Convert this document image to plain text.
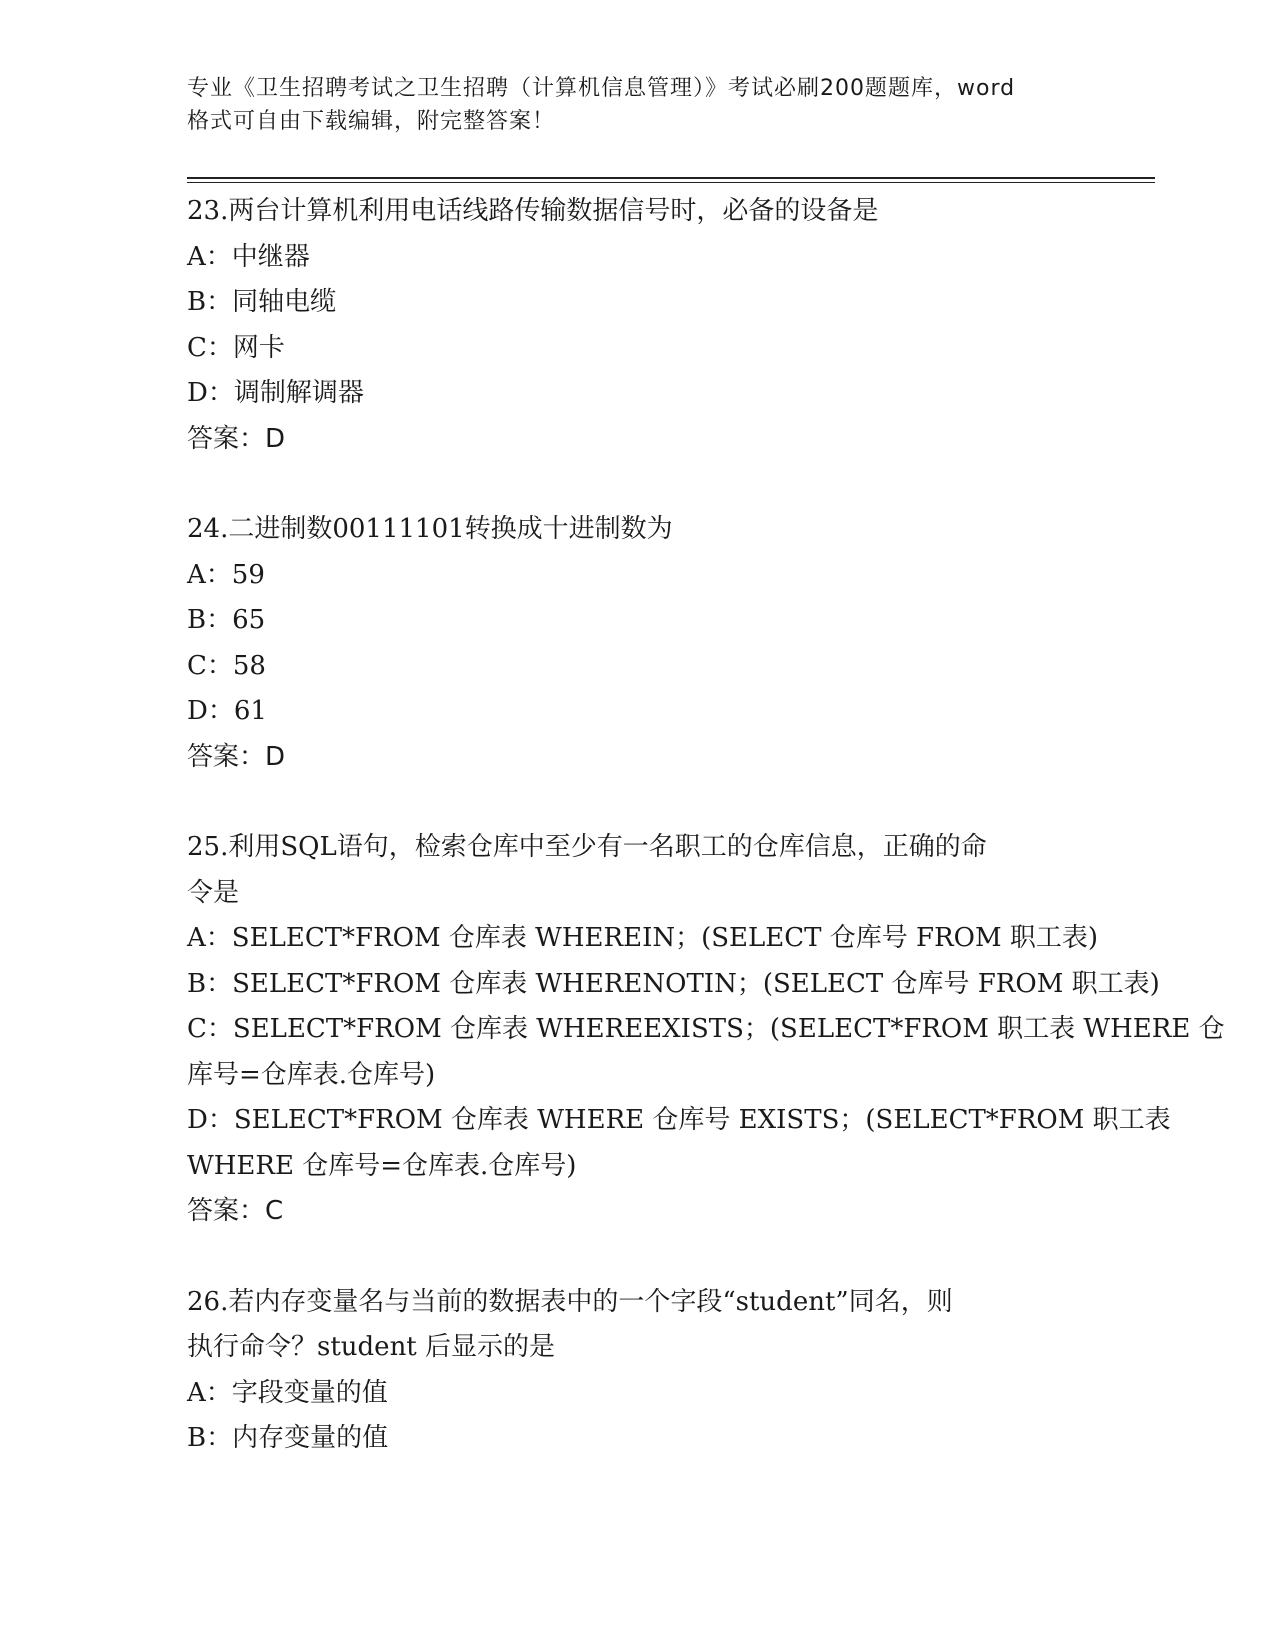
专业《卫生招聘考试之卫生招聘（计算机信息管理）》考试必刷200题题库，word
格式可自由下载编辑，附完整答案！

23.两台计算机利用电话线路传输数据信号时，必备的设备是

A：中继器

B：同轴电缆

C：网卡

D：调制解调器

答案：D

24.二进制数00111101转换成十进制数为

A：59

B：65

C：58

D：61

答案：D

25.利用SQL语句，检索仓库中至少有一名职工的仓库信息，正确的命

令是

A：SELECT*FROM 仓库表 WHEREIN；(SELECT 仓库号 FROM 职工表)

B：SELECT*FROM 仓库表 WHERENOTIN；(SELECT 仓库号 FROM 职工表)

C：SELECT*FROM 仓库表 WHEREEXISTS；(SELECT*FROM 职工表 WHERE 仓

库号=仓库表.仓库号)

D：SELECT*FROM 仓库表 WHERE 仓库号 EXISTS；(SELECT*FROM 职工表

WHERE 仓库号=仓库表.仓库号)

答案：C

26.若内存变量名与当前的数据表中的一个字段“student”同名，则

执行命令？student 后显示的是

A：字段变量的值

B：内存变量的值
